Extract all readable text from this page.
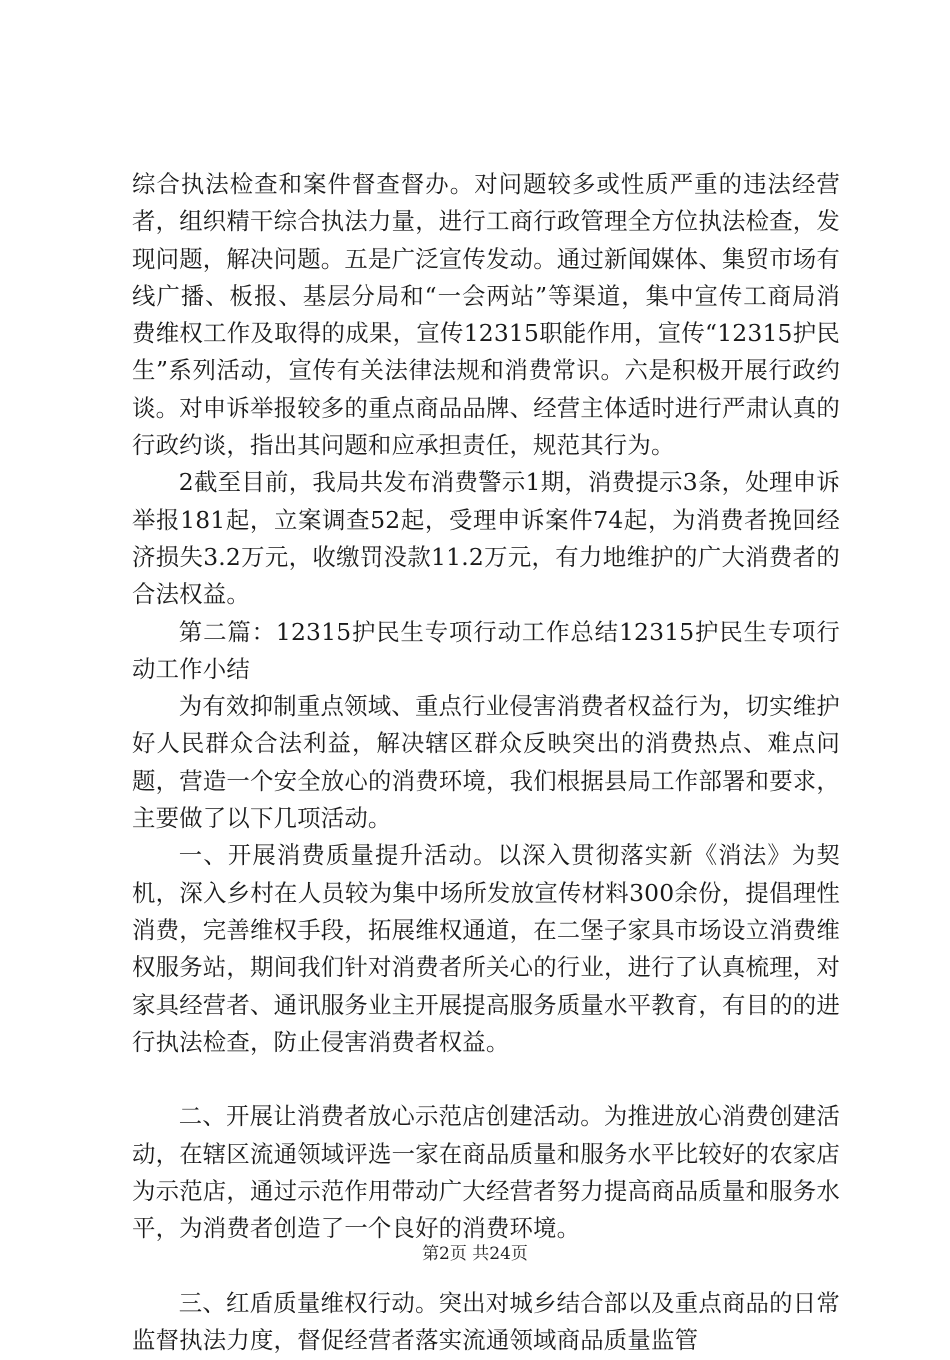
综合执法检查和案件督查督办。对问题较多或性质严重的违法经营者，组织精干综合执法力量，进行工商行政管理全方位执法检查，发现问题，解决问题。五是广泛宣传发动。通过新闻媒体、集贸市场有线广播、板报、基层分局和“一会两站”等渠道，集中宣传工商局消费维权工作及取得的成果，宣传12315职能作用，宣传“12315护民生”系列活动，宣传有关法律法规和消费常识。六是积极开展行政约谈。对申诉举报较多的重点商品品牌、经营主体适时进行严肃认真的行政约谈，指出其问题和应承担责任，规范其行为。

2截至目前，我局共发布消费警示1期，消费提示3条，处理申诉举报181起，立案调查52起，受理申诉案件74起，为消费者挽回经济损失3.2万元，收缴罚没款11.2万元，有力地维护的广大消费者的合法权益。

第二篇：12315护民生专项行动工作总结12315护民生专项行动工作小结

为有效抑制重点领域、重点行业侵害消费者权益行为，切实维护好人民群众合法利益，解决辖区群众反映突出的消费热点、难点问题，营造一个安全放心的消费环境，我们根据县局工作部署和要求，主要做了以下几项活动。

一、开展消费质量提升活动。以深入贯彻落实新《消法》为契机，深入乡村在人员较为集中场所发放宣传材料300余份，提倡理性消费，完善维权手段，拓展维权通道，在二堡子家具市场设立消费维权服务站，期间我们针对消费者所关心的行业，进行了认真梳理，对家具经营者、通讯服务业主开展提高服务质量水平教育，有目的的进行执法检查，防止侵害消费者权益。

二、开展让消费者放心示范店创建活动。为推进放心消费创建活动，在辖区流通领域评选一家在商品质量和服务水平比较好的农家店为示范店，通过示范作用带动广大经营者努力提高商品质量和服务水平，为消费者创造了一个良好的消费环境。

三、红盾质量维权行动。突出对城乡结合部以及重点商品的日常监督执法力度，督促经营者落实流通领域商品质量监管

第2页 共24页
